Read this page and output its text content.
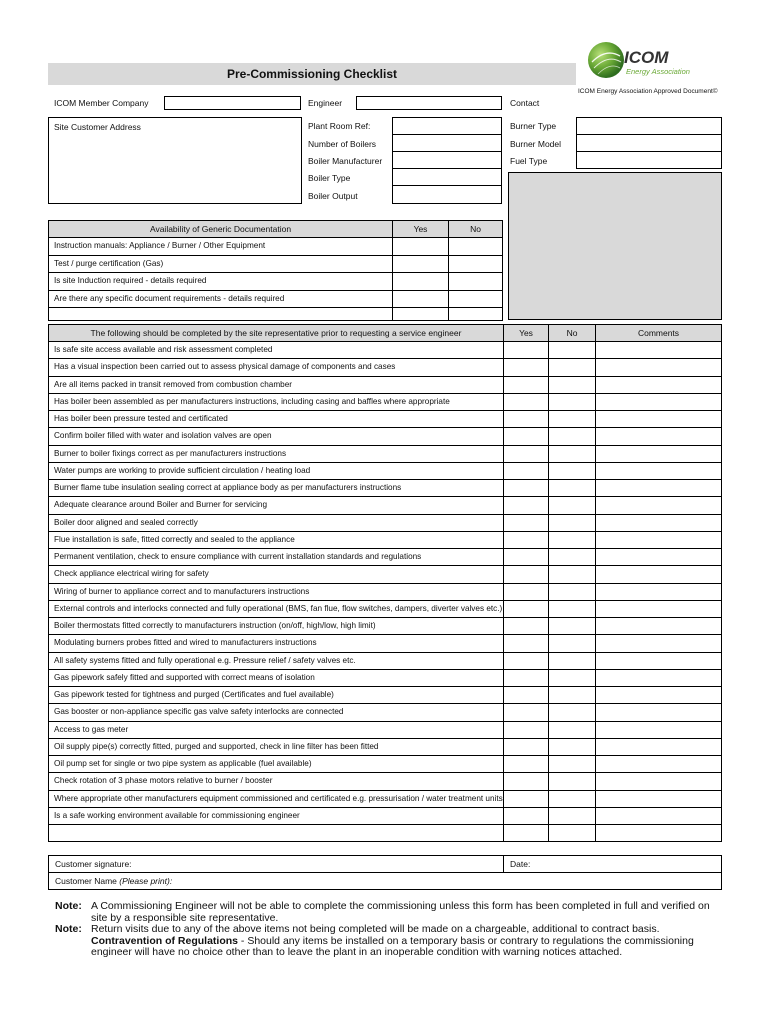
Pre-Commissioning Checklist
ICOM
Energy Association
ICOM Energy Association Approved Document©
ICOM Member Company	Engineer	Contact
Site Customer Address	Plant Room Ref:
Number of Boilers
Boiler Manufacturer
Boiler Type
Boiler Output
Burner Type
Burner Model
Fuel Type
Availability of Generic Documentation	Yes	No
Instruction manuals: Appliance / Burner / Other Equipment
Test / purge certification (Gas)
Is site Induction required - details required
Are there any specific document requirements - details required
The following should be completed by the site representative prior to requesting a service engineer	Yes	No	Comments
Is safe site access available and risk assessment completed
Has a visual inspection been carried out to assess physical damage of components and cases
Are all items packed in transit removed from combustion chamber
Has boiler been assembled as per manufacturers instructions, including casing and baffles where appropriate
Has boiler been pressure tested and certificated
Confirm boiler filled with water and isolation valves are open
Burner to boiler fixings correct as per manufacturers instructions
Water pumps are working to provide sufficient circulation / heating load
Burner flame tube insulation sealing correct at appliance body as per manufacturers instructions
Adequate clearance around Boiler and Burner for servicing
Boiler door aligned and sealed correctly
Flue installation is safe, fitted correctly and sealed to the appliance
Permanent ventilation, check to ensure compliance with current installation standards and regulations
Check appliance electrical wiring for safety
Wiring of burner to appliance correct and to manufacturers instructions
External controls and interlocks connected and fully operational (BMS, fan flue, flow switches, dampers, diverter valves etc.)
Boiler thermostats fitted correctly to manufacturers instruction (on/off, high/low, high limit)
Modulating burners probes fitted and wired to manufacturers instructions
All safety systems fitted and fully operational e.g. Pressure relief / safety valves etc.
Gas pipework safely fitted and supported with correct means of isolation
Gas pipework tested for tightness and purged (Certificates and fuel available)
Gas booster or non-appliance specific gas valve safety interlocks are connected
Access to gas meter
Oil supply pipe(s) correctly fitted, purged and supported, check in line filter has been fitted
Oil pump set for single or two pipe system as applicable (fuel available)
Check rotation of 3 phase motors relative to burner / booster
Where appropriate other manufacturers equipment commissioned and certificated e.g. pressurisation / water treatment units
Is a safe working environment available for commissioning engineer
Customer signature:	Date:
Customer Name (Please print):
Note: A Commissioning Engineer will not be able to complete the commissioning unless this form has been completed in full and verified on site by a responsible site representative.
Note: Return visits due to any of the above items not being completed will be made on a chargeable, additional to contract basis.
Contravention of Regulations - Should any items be installed on a temporary basis or contrary to regulations the commissioning engineer will have no choice other than to leave the plant in an inoperable condition with warning notices attached.
